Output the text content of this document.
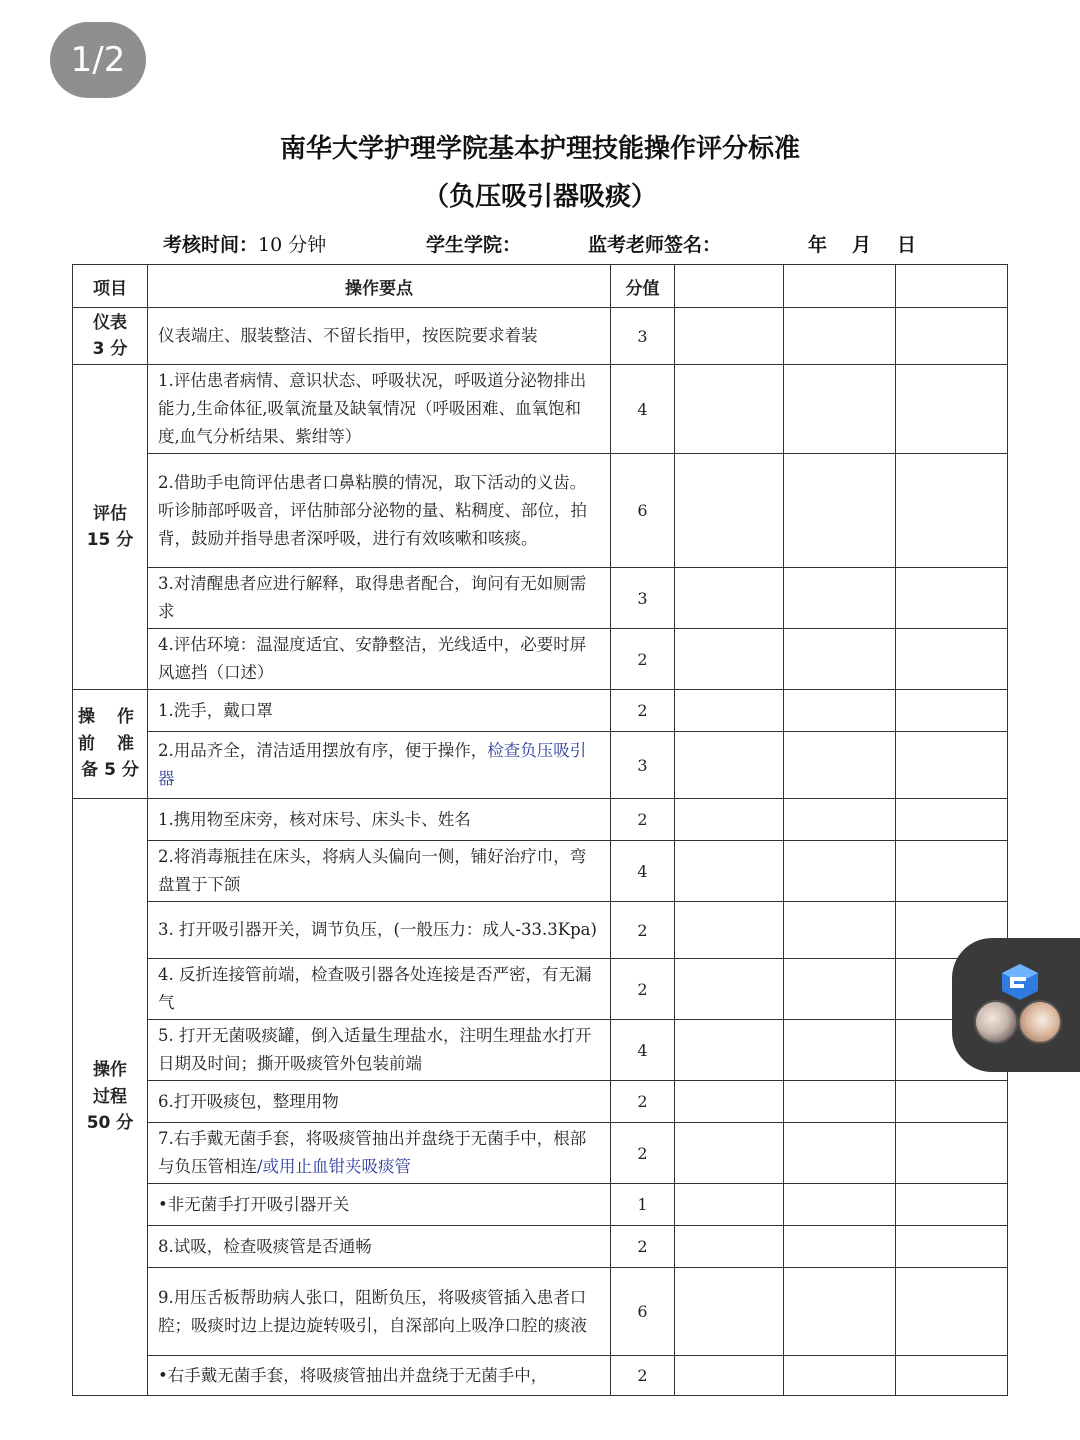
1/2
南华大学护理学院基本护理技能操作评分标准
（负压吸引器吸痰）
考核时间：10 分钟	学生学院：	监考老师签名：	年 月 日
项目	操作要点	分值			

仪表
3 分	仪表端庄、服装整洁、不留长指甲，按医院要求着装	3			

评估
15 分	1.评估患者病情、意识状态、呼吸状况，呼吸道分泌物排出能力,生命体征,吸氧流量及缺氧情况（呼吸困难、血氧饱和度,血气分析结果、紫绀等）	4			
	2.借助手电筒评估患者口鼻粘膜的情况，取下活动的义齿。听诊肺部呼吸音，评估肺部分泌物的量、粘稠度、部位，拍背，鼓励并指导患者深呼吸，进行有效咳嗽和咳痰。	6			
	3.对清醒患者应进行解释，取得患者配合，询问有无如厕需求	3			
	4.评估环境：温湿度适宜、安静整洁，光线适中，必要时屏风遮挡（口述）	2			

操 作
前 准
备 5 分	1.洗手，戴口罩	2			
	2.用品齐全，清洁适用摆放有序，便于操作，检查负压吸引器	3			

操作
过程
50 分	1.携用物至床旁，核对床号、床头卡、姓名	2			
	2.将消毒瓶挂在床头，将病人头偏向一侧，铺好治疗巾，弯盘置于下颌	4			
	3. 打开吸引器开关，调节负压，(一般压力：成人-33.3Kpa)	2			
	4. 反折连接管前端，检查吸引器各处连接是否严密，有无漏气	2			
	5. 打开无菌吸痰罐，倒入适量生理盐水，注明生理盐水打开日期及时间；撕开吸痰管外包装前端	4			
	6.打开吸痰包，整理用物	2			
	7.右手戴无菌手套，将吸痰管抽出并盘绕于无菌手中，根部与负压管相连/或用止血钳夹吸痰管	2			
	•非无菌手打开吸引器开关	1			
	8.试吸，检查吸痰管是否通畅	2			
	9.用压舌板帮助病人张口，阻断负压，将吸痰管插入患者口腔；吸痰时边上提边旋转吸引，自深部向上吸净口腔的痰液	6			
	•右手戴无菌手套，将吸痰管抽出并盘绕于无菌手中，	2			
